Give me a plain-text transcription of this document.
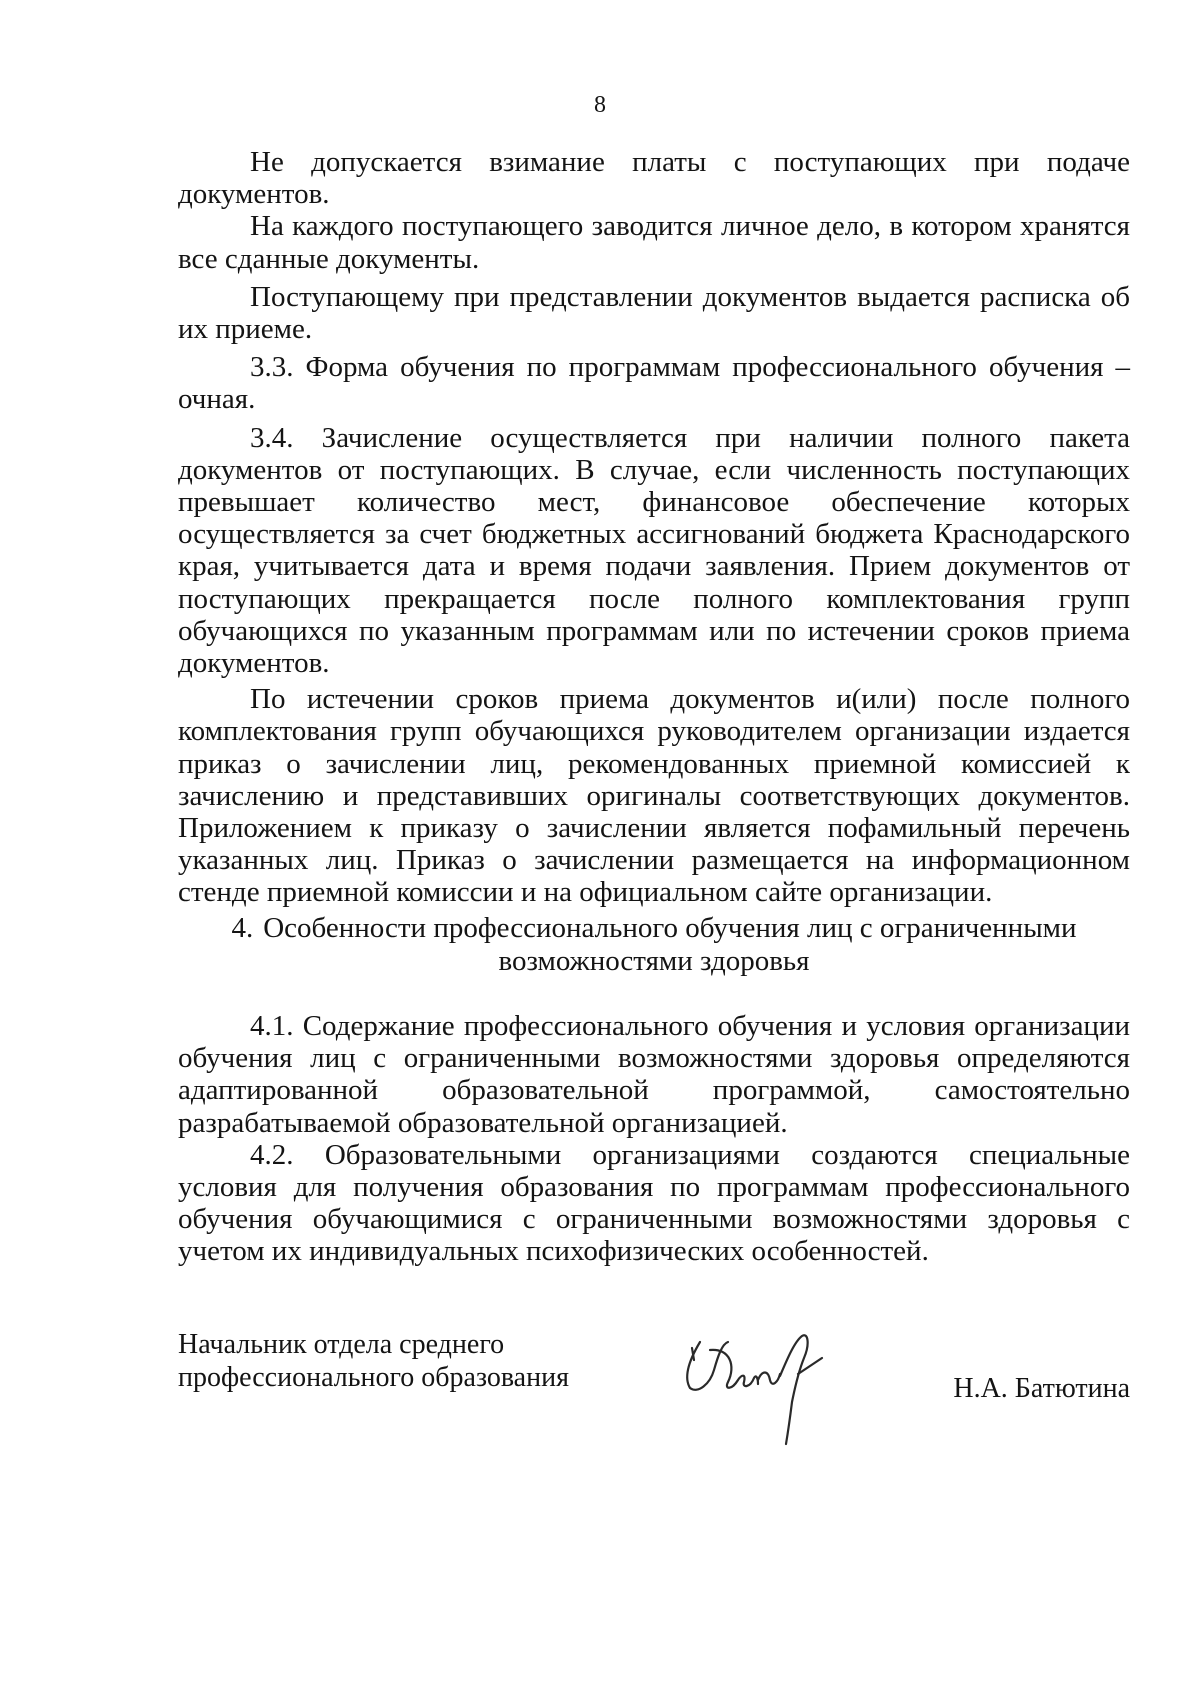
8

Не допускается взимание платы с поступающих при подаче документов.

На каждого поступающего заводится личное дело, в котором хранятся все сданные документы.

Поступающему при представлении документов выдается расписка об их приеме.

3.3. Форма обучения по программам профессионального обучения – очная.

3.4. Зачисление осуществляется при наличии полного пакета документов от поступающих. В случае, если численность поступающих превышает количество мест, финансовое обеспечение которых осуществляется за счет бюджетных ассигнований бюджета Краснодарского края, учитывается дата и время подачи заявления. Прием документов от поступающих прекращается после полного комплектования групп обучающихся по указанным программам или по истечении сроков приема документов.

По истечении сроков приема документов и(или) после полного комплектования групп обучающихся руководителем организации издается приказ о зачислении лиц, рекомендованных приемной комиссией к зачислению и представивших оригиналы соответствующих документов. Приложением к приказу о зачислении является пофамильный перечень указанных лиц. Приказ о зачислении размещается на информационном стенде приемной комиссии и на официальном сайте организации.

4. Особенности профессионального обучения лиц с ограниченными
возможностями здоровья

4.1. Содержание профессионального обучения и условия организации обучения лиц с ограниченными возможностями здоровья определяются адаптированной образовательной программой, самостоятельно разрабатываемой образовательной организацией.

4.2. Образовательными организациями создаются специальные условия для получения образования по программам профессионального обучения обучающимися с ограниченными возможностями здоровья с учетом их индивидуальных психофизических особенностей.

Начальник отдела среднего
профессионального образования	Н.А. Батютина
